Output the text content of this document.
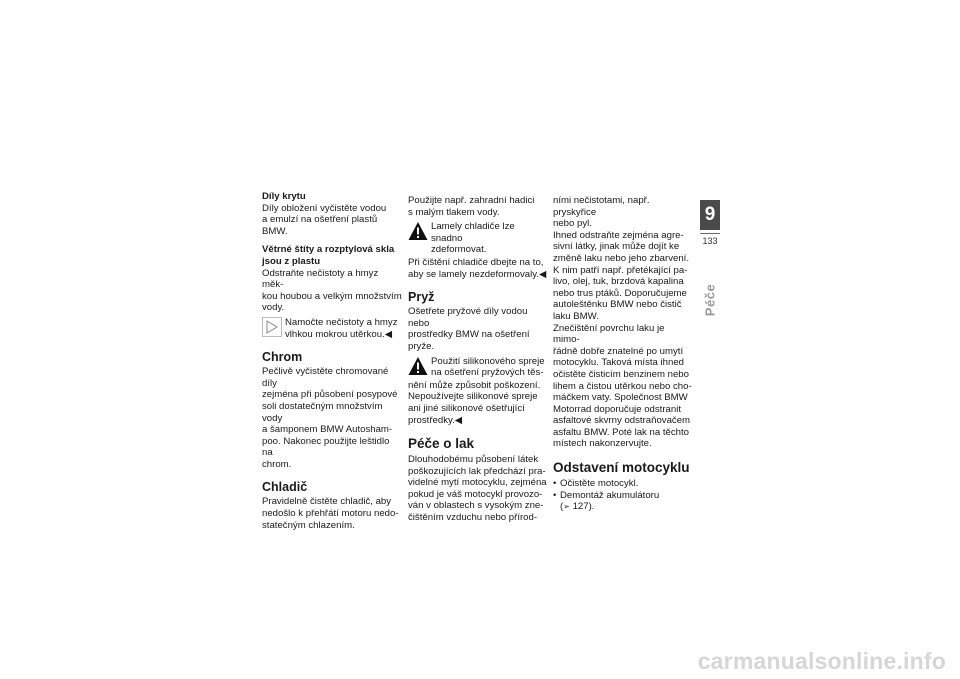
Díly krytu

Díly obložení vyčistěte vodou

a emulzí na ošetření plastů BMW.

Větrné štíty a rozptylová skla
jsou z plastu

Odstraňte nečistoty a hmyz měk-

kou houbou a velkým množstvím

vody.

Namočte nečistoty a hmyz
vlhkou mokrou utěrkou.◀
Chrom

Pečlivě vyčistěte chromované díly

zejména při působení posypové

soli dostatečným množstvím vody

a šamponem BMW Autosham-

poo. Nakonec použijte leštidlo na

chrom.

Chladič

Pravidelně čistěte chladič, aby

nedošlo k přehřátí motoru nedo-

statečným chlazením.

Použijte např. zahradní hadici

s malým tlakem vody.

Lamely chladiče lze snadno
zdeformovat.

Při čištění chladiče dbejte na to,

aby se lamely nezdeformovaly.◀

Pryž

Ošetřete pryžové díly vodou nebo

prostředky BMW na ošetření

pryže.

Použití silikonového spreje
na ošetření pryžových těs-

nění může způsobit poškození.

Nepoužívejte silikonové spreje

ani jiné silikonové ošetřující

prostředky.◀

Péče o lak

Dlouhodobému působení látek

poškozujících lak předchází pra-

videlné mytí motocyklu, zejména

pokud je váš motocykl provozo-

ván v oblastech s vysokým zne-

čištěním vzduchu nebo přírod-

ními nečistotami, např. pryskyřice

nebo pyl.

Ihned odstraňte zejména agre-

sivní látky, jinak může dojít ke

změně laku nebo jeho zbarvení.

K nim patří např. přetékající pa-

livo, olej, tuk, brzdová kapalina

nebo trus ptáků. Doporučujeme

autoleštěnku BMW nebo čistič

laku BMW.

Znečištění povrchu laku je mimo-

řádně dobře znatelné po umytí

motocyklu. Taková místa ihned

očistěte čisticím benzinem nebo

lihem a čistou utěrkou nebo cho-

máčkem vaty. Společnost BMW

Motorrad doporučuje odstranit

asfaltové skvrny odstraňovačem

asfaltu BMW. Poté lak na těchto

místech nakonzervujte.

Odstavení motocyklu
• Očistěte motocykl.
• Demontáž akumulátoru
(➢ 127).
9
133
Péče
carmanualsonline.info
